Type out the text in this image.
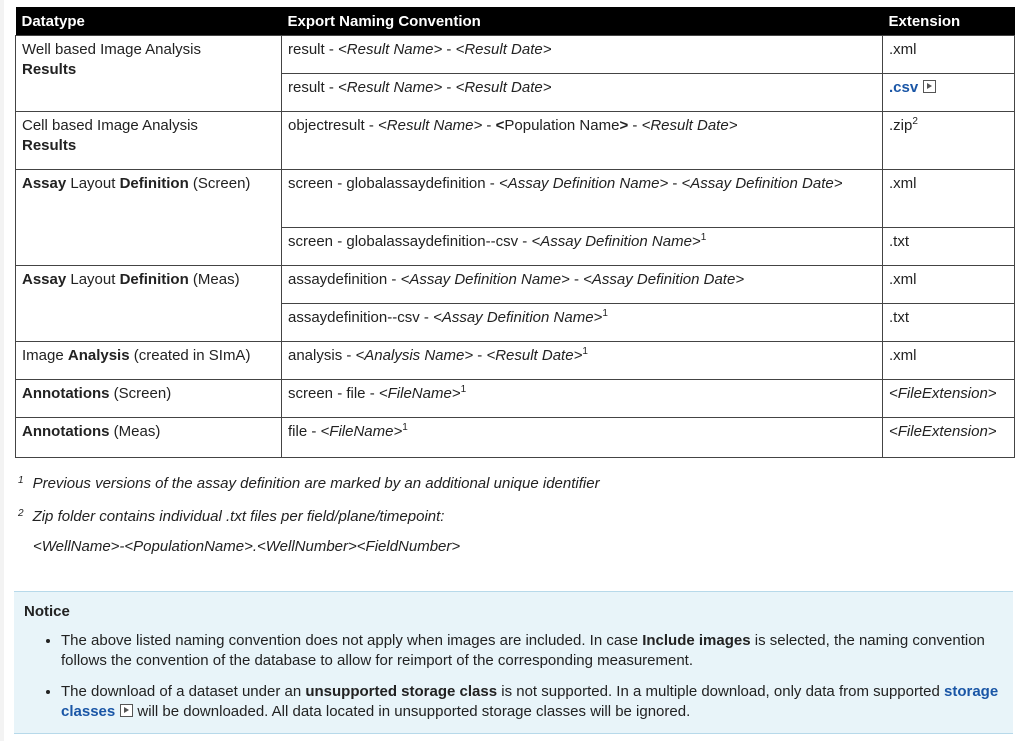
Datatype	Export Naming Convention	Extension
Well based Image Analysis
Results	result - <Result Name> - <Result Date>	.xml
	result - <Result Name> - <Result Date>	.csv
Cell based Image Analysis
Results	objectresult - <Result Name> - <Population Name> - <Result Date>	.zip$^2$
Assay Layout Definition (Screen)	screen - globalassaydefinition - <Assay Definition Name> - <Assay Definition Date>	.xml
	screen - globalassaydefinition--csv - <Assay Definition Name>$^1$	.txt
Assay Layout Definition (Meas)	assaydefinition - <Assay Definition Name> - <Assay Definition Date>	.xml
	assaydefinition--csv - <Assay Definition Name>$^1$	.txt
Image Analysis (created in SImA)	analysis - <Analysis Name> - <Result Date>$^1$	.xml
Annotations (Screen)	screen - file - <FileName>$^1$	<FileExtension>
Annotations (Meas)	file - <FileName>$^1$	<FileExtension>
$^1$ Previous versions of the assay definition are marked by an additional unique identifier
$^2$ Zip folder contains individual .txt files per field/plane/timepoint:
<WellName>-<PopulationName>.<WellNumber><FieldNumber>
Notice
• The above listed naming convention does not apply when images are included. In case Include images is selected, the naming convention follows the convention of the database to allow for reimport of the corresponding measurement.
• The download of a dataset under an unsupported storage class is not supported. In a multiple download, only data from supported storage classes will be downloaded. All data located in unsupported storage classes will be ignored.
